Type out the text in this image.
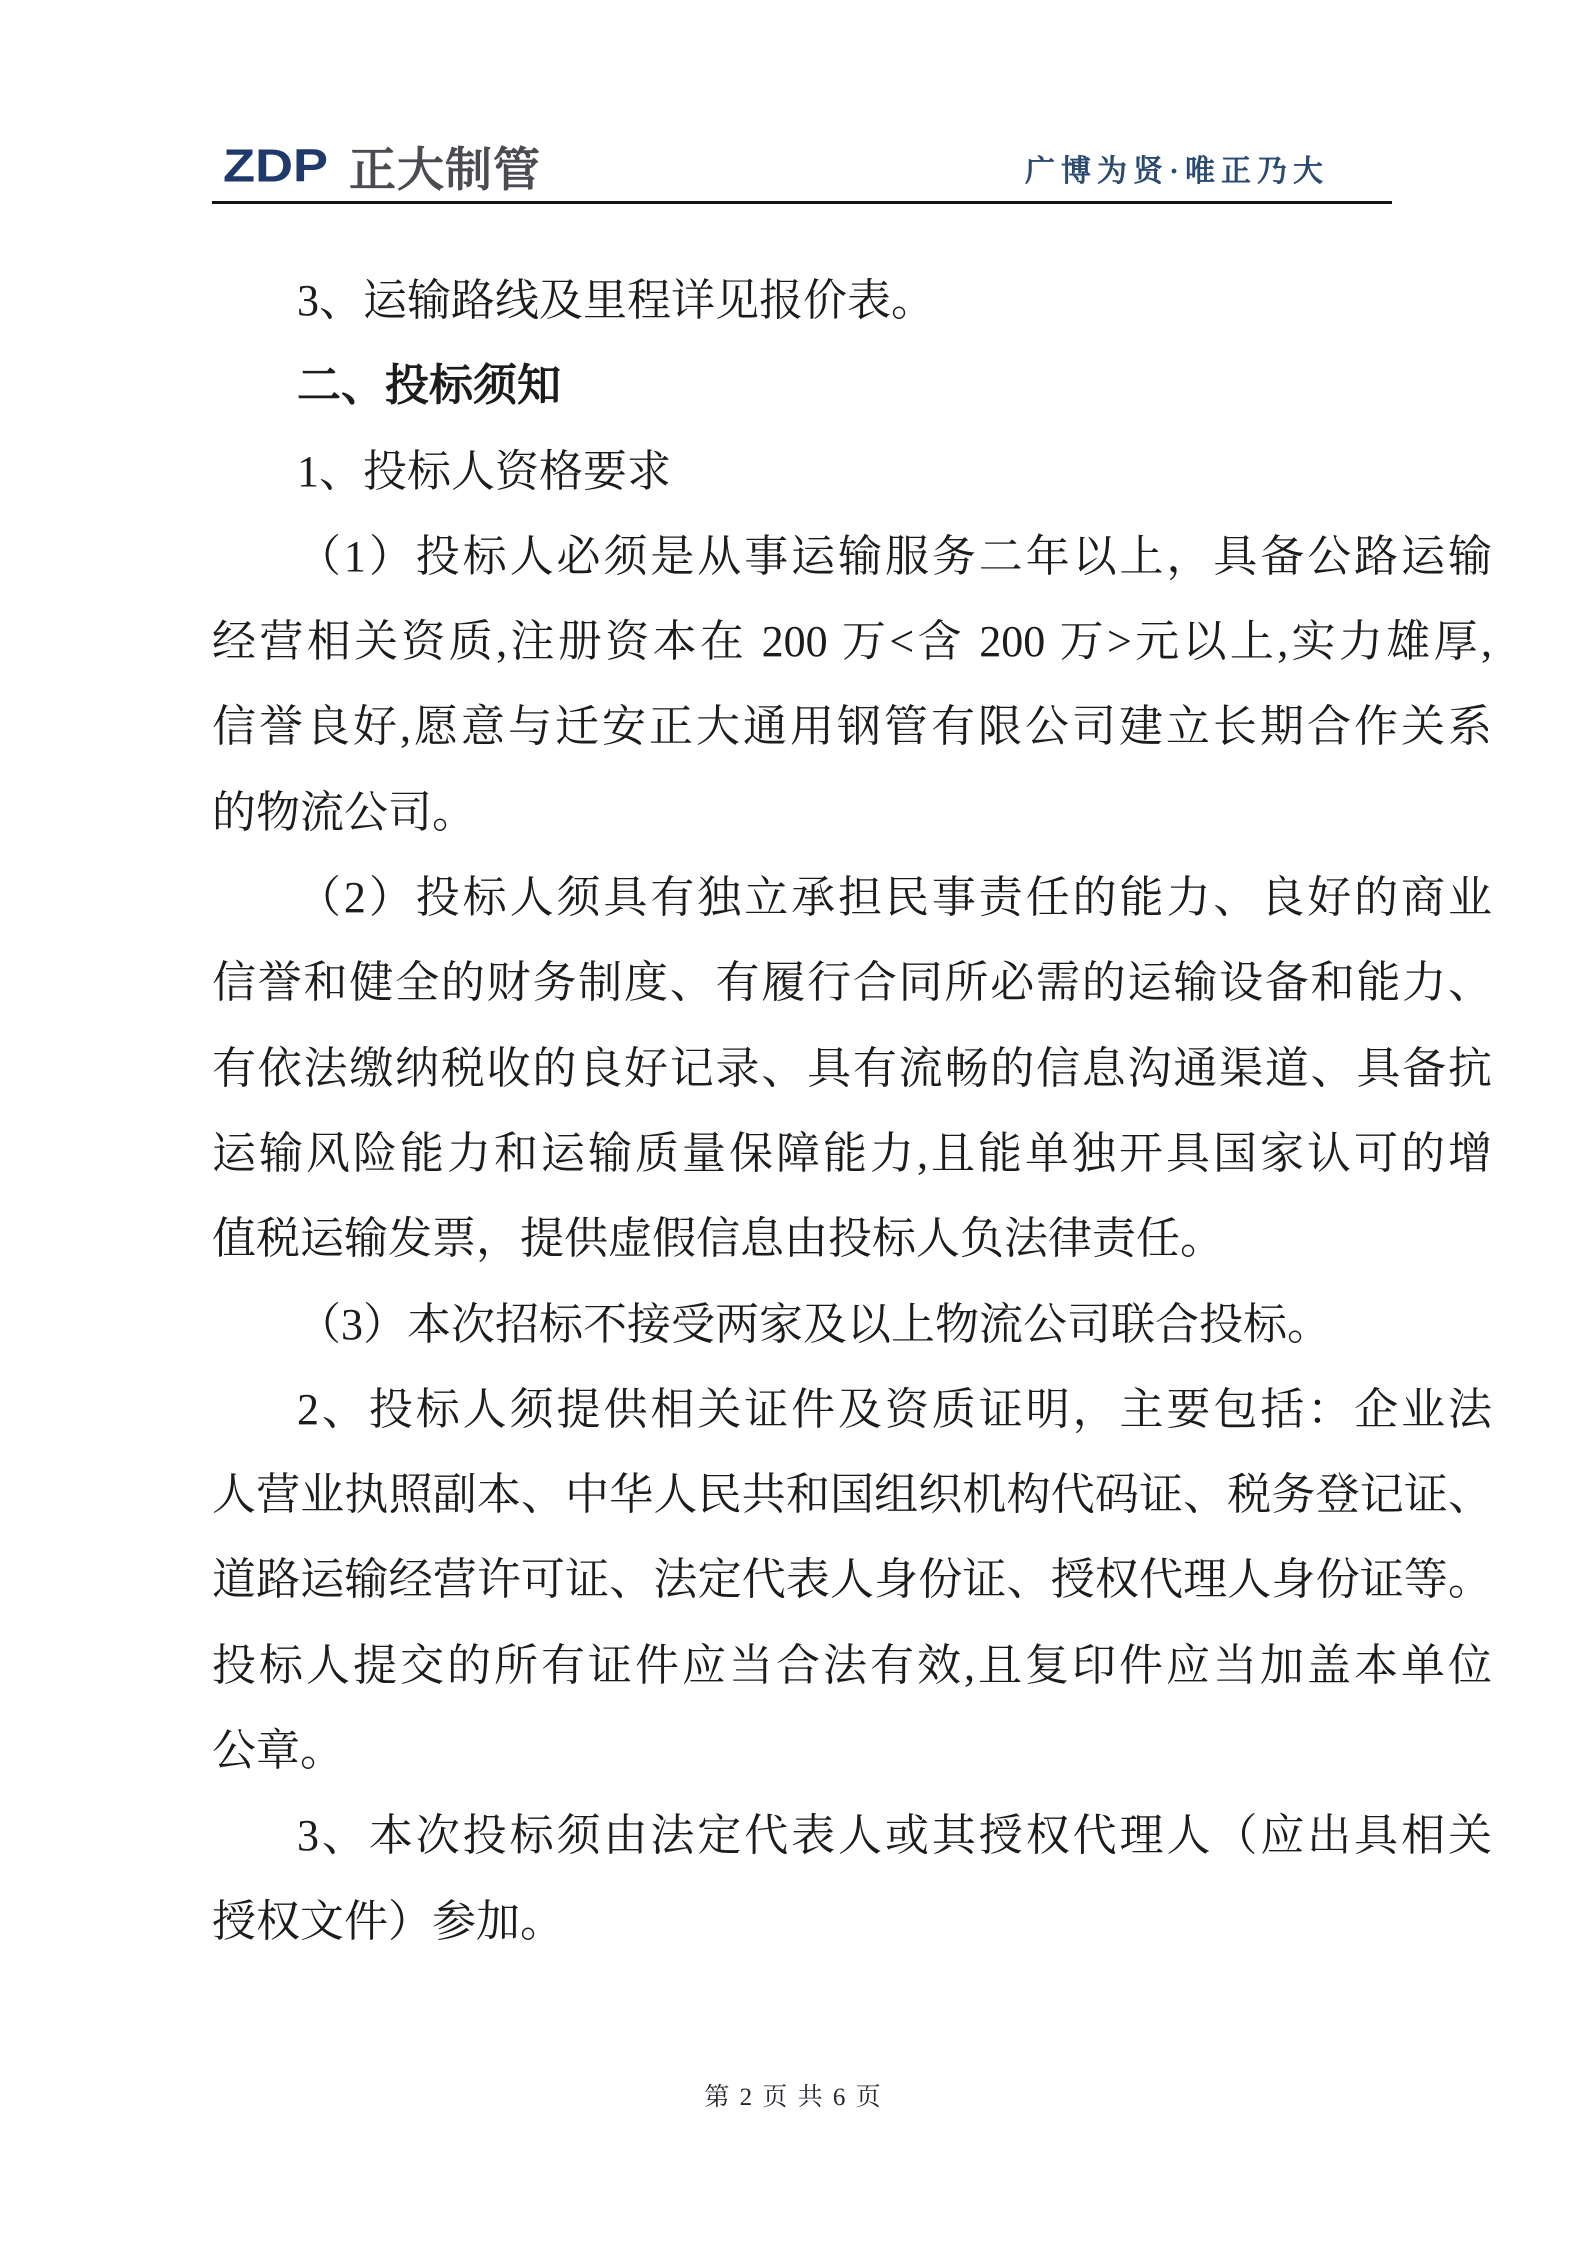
ZDP 正大制管	广博为贤·唯正乃大
3、运输路线及里程详见报价表。
二、投标须知
1、投标人资格要求
（1）投标人必须是从事运输服务二年以上，具备公路运输
经营相关资质,注册资本在 200 万<含 200 万>元以上,实力雄厚,
信誉良好,愿意与迁安正大通用钢管有限公司建立长期合作关系
的物流公司。
（2）投标人须具有独立承担民事责任的能力、良好的商业
信誉和健全的财务制度、有履行合同所必需的运输设备和能力、
有依法缴纳税收的良好记录、具有流畅的信息沟通渠道、具备抗
运输风险能力和运输质量保障能力,且能单独开具国家认可的增
值税运输发票，提供虚假信息由投标人负法律责任。
（3）本次招标不接受两家及以上物流公司联合投标。
2、投标人须提供相关证件及资质证明，主要包括：企业法
人营业执照副本、中华人民共和国组织机构代码证、税务登记证、
道路运输经营许可证、法定代表人身份证、授权代理人身份证等。
投标人提交的所有证件应当合法有效,且复印件应当加盖本单位
公章。
3、本次投标须由法定代表人或其授权代理人（应出具相关
授权文件）参加。
第 2 页 共 6 页
